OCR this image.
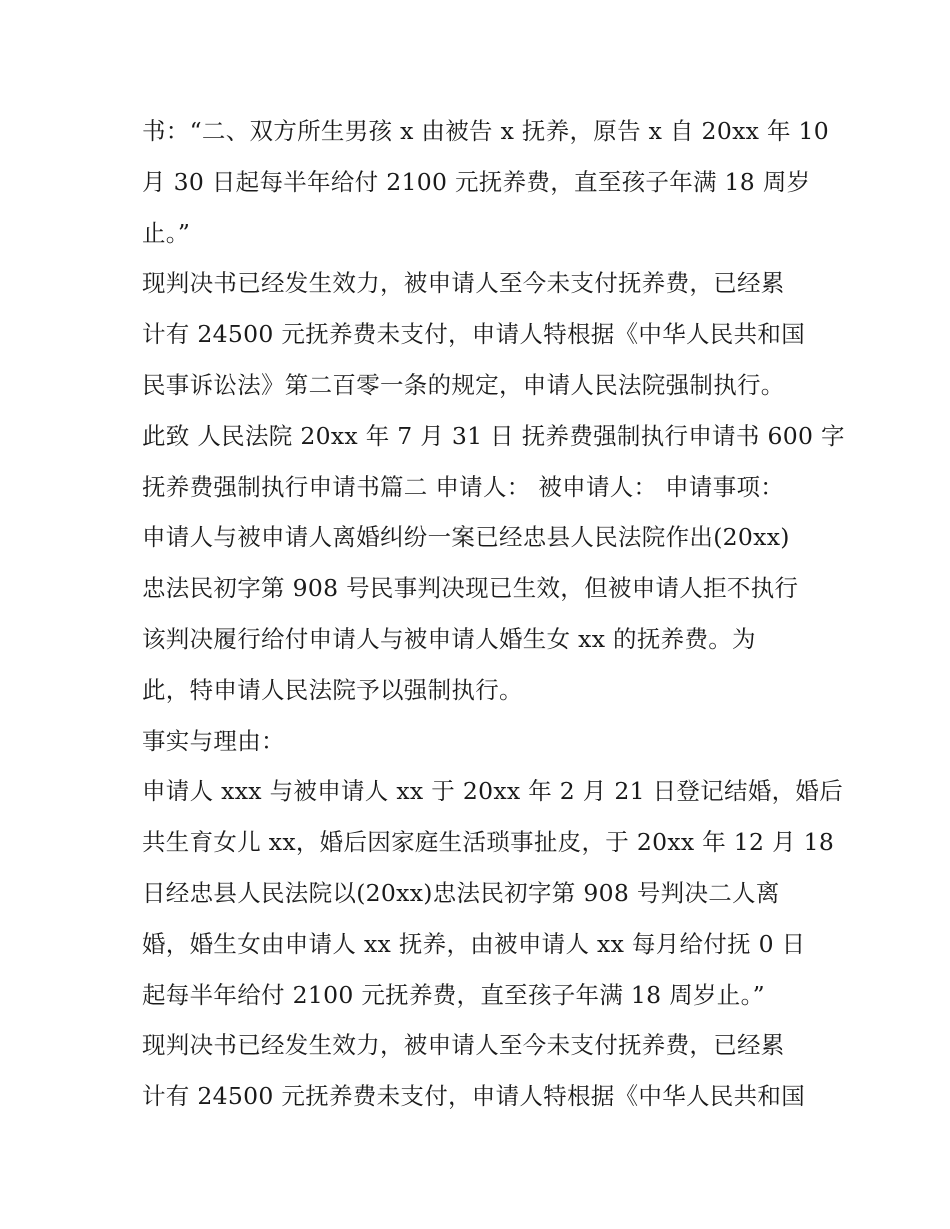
书：“二、双方所生男孩 x 由被告 x 抚养，原告 x 自 20xx 年 10
月 30 日起每半年给付 2100 元抚养费，直至孩子年满 18 周岁
止。”
现判决书已经发生效力，被申请人至今未支付抚养费，已经累
计有 24500 元抚养费未支付，申请人特根据《中华人民共和国
民事诉讼法》第二百零一条的规定，申请人民法院强制执行。
此致 人民法院 20xx 年 7 月 31 日 抚养费强制执行申请书 600 字
抚养费强制执行申请书篇二 申请人： 被申请人： 申请事项：
申请人与被申请人离婚纠纷一案已经忠县人民法院作出(20xx)
忠法民初字第 908 号民事判决现已生效，但被申请人拒不执行
该判决履行给付申请人与被申请人婚生女 xx 的抚养费。为
此，特申请人民法院予以强制执行。
事实与理由：
申请人 xxx 与被申请人 xx 于 20xx 年 2 月 21 日登记结婚，婚后
共生育女儿 xx，婚后因家庭生活琐事扯皮，于 20xx 年 12 月 18
日经忠县人民法院以(20xx)忠法民初字第 908 号判决二人离
婚，婚生女由申请人 xx 抚养，由被申请人 xx 每月给付抚 0 日
起每半年给付 2100 元抚养费，直至孩子年满 18 周岁止。”
现判决书已经发生效力，被申请人至今未支付抚养费，已经累
计有 24500 元抚养费未支付，申请人特根据《中华人民共和国
